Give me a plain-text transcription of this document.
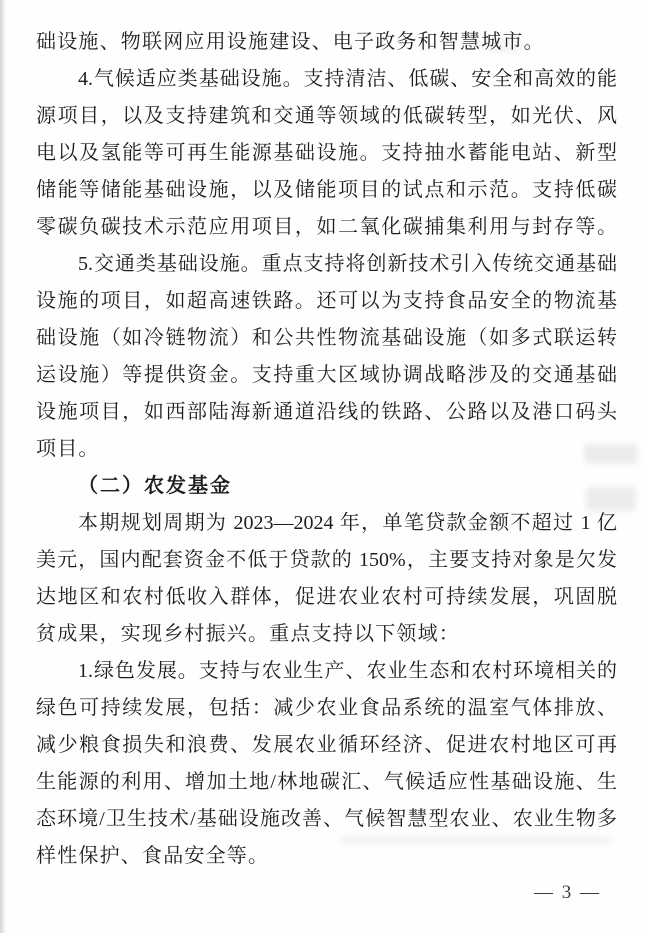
础设施、物联网应用设施建设、电子政务和智慧城市。
4.气候适应类基础设施。支持清洁、低碳、安全和高效的能
源项目，以及支持建筑和交通等领域的低碳转型，如光伏、风
电以及氢能等可再生能源基础设施。支持抽水蓄能电站、新型
储能等储能基础设施，以及储能项目的试点和示范。支持低碳
零碳负碳技术示范应用项目，如二氧化碳捕集利用与封存等。
5.交通类基础设施。重点支持将创新技术引入传统交通基础
设施的项目，如超高速铁路。还可以为支持食品安全的物流基
础设施（如冷链物流）和公共性物流基础设施（如多式联运转
运设施）等提供资金。支持重大区域协调战略涉及的交通基础
设施项目，如西部陆海新通道沿线的铁路、公路以及港口码头
项目。
（二）农发基金
本期规划周期为 2023—2024 年，单笔贷款金额不超过 1 亿
美元，国内配套资金不低于贷款的 150%，主要支持对象是欠发
达地区和农村低收入群体，促进农业农村可持续发展，巩固脱
贫成果，实现乡村振兴。重点支持以下领域：
1.绿色发展。支持与农业生产、农业生态和农村环境相关的
绿色可持续发展，包括：减少农业食品系统的温室气体排放、
减少粮食损失和浪费、发展农业循环经济、促进农村地区可再
生能源的利用、增加土地/林地碳汇、气候适应性基础设施、生
态环境/卫生技术/基础设施改善、气候智慧型农业、农业生物多
样性保护、食品安全等。
— 3 —
